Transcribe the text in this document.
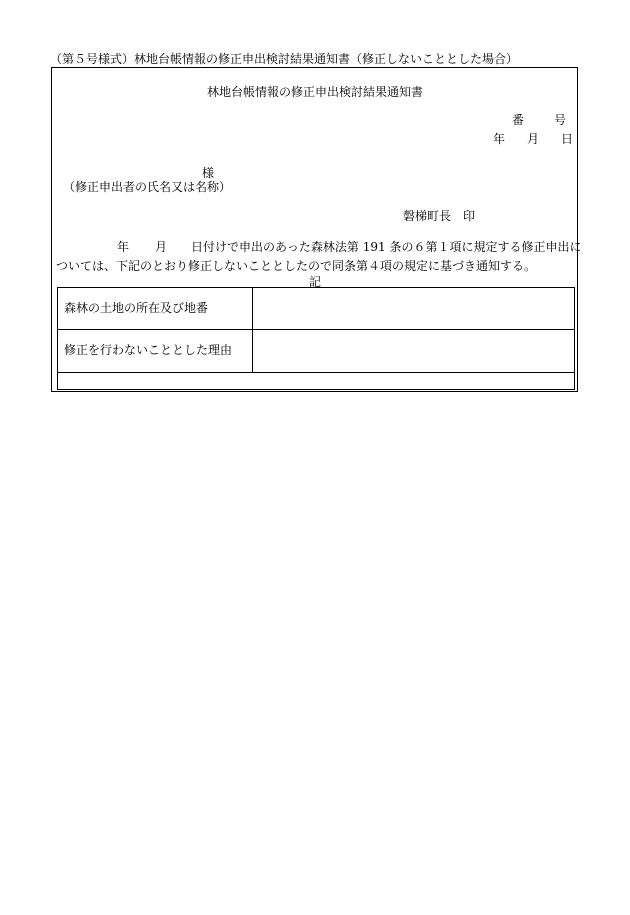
（第５号様式）林地台帳情報の修正申出検討結果通知書（修正しないこととした場合）
林地台帳情報の修正申出検討結果通知書
番	号
年 月 日
様
（修正申出者の氏名又は名称）
磐梯町長 印
年 月 日付けで申出のあった森林法第 191 条の６第１項に規定する修正申出に
ついては、下記のとおり修正しないこととしたので同条第４項の規定に基づき通知する。
記
森林の土地の所在及び地番	
修正を行わないこととした理由	
